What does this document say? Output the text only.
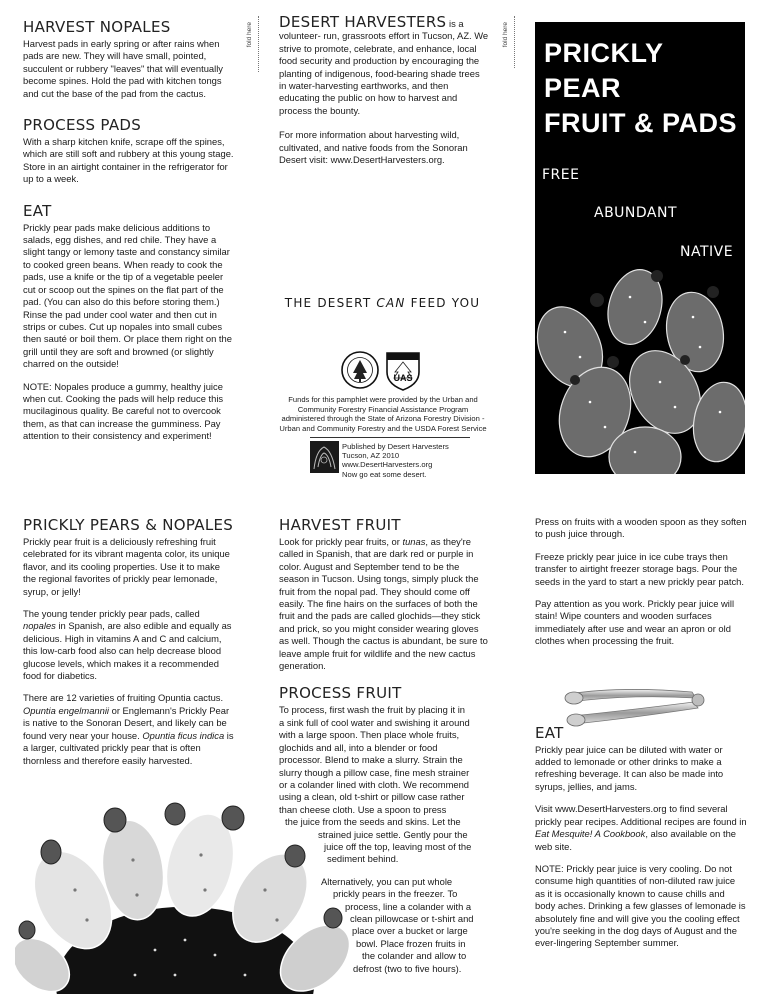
HARVEST NOPALES

Harvest pads in early spring or after rains when pads are new. They will have small, pointed, succulent or rubbery "leaves" that will eventually become spines. Hold the pad with kitchen tongs and cut the base of the pad from the cactus.

PROCESS PADS

With a sharp kitchen knife, scrape off the spines, which are still soft and rubbery at this young stage. Store in an airtight container in the refrigerator for up to a week.

EAT

Prickly pear pads make delicious additions to salads, egg dishes, and red chile. They have a slight tangy or lemony taste and constancy similar to cooked green beans. When ready to cook the pads, use a knife or the tip of a vegetable peeler cut or scoop out the spines on the flat part of the pad. (You can also do this before storing them.) Rinse the pad under cool water and then cut in strips or cubes. Cut up nopales into small cubes then sauté or boil them. Or place them right on the grill until they are soft and browned (or slightly charred on the outside!

NOTE: Nopales produce a gummy, healthy juice when cut. Cooking the pads will help reduce this mucilaginous quality. Be careful not to overcook them, as that can increase the gumminess. Pay attention to their consistency and experiment!

fold here DESERT HARVESTERS is a volunteer- run, grassroots effort in Tucson, AZ. We strive to promote, celebrate, and enhance, local food security and production by encouraging the planting of indigenous, food-bearing shade trees in water-harvesting earthworks, and then educating the public on how to harvest and process the bounty.

For more information about harvesting wild, cultivated, and native foods from the Sonoran Desert visit: www.DesertHarvesters.org.

fold here
THE DESERT CAN FEED YOU
UAS
Funds for this pamphlet were provided by the Urban and Community Forestry Financial Assistance Program administered through the State of Arizona Forestry Division - Urban and Community Forestry and the USDA Forest Service
Published by Desert Harvesters
Tucson, AZ 2010
www.DesertHarvesters.org
Now go eat some desert.
PRICKLY
PEAR
FRUIT & PADS
FREE
ABUNDANT
NATIVE
PRICKLY PEARS & NOPALES

Prickly pear fruit is a deliciously refreshing fruit celebrated for its vibrant magenta color, its unique flavor, and its cooling properties. Use it to make the regional favorites of prickly pear lemonade, syrup, or jelly!

The young tender prickly pear pads, called nopales in Spanish, are also edible and equally as delicious. High in vitamins A and C and calcium, this low-carb food also can help decrease blood glucose levels, which makes it a recommended food for diabetics.

There are 12 varieties of fruiting Opuntia cactus. Opuntia engelmannii or Englemann's Prickly Pear is native to the Sonoran Desert, and likely can be found very near your house. Opuntia ficus indica is a larger, cultivated prickly pear that is often thornless and therefore easily harvested.

HARVEST FRUIT

Look for prickly pear fruits, or tunas, as they're called in Spanish, that are dark red or purple in color. August and September tend to be the season in Tucson. Using tongs, simply pluck the fruit from the nopal pad. They should come off easily. The fine hairs on the surfaces of both the fruit and the pads are called glochids—they stick and prick, so you might consider wearing gloves as well. Though the cactus is abundant, be sure to leave ample fruit for wildlife and the new cactus generation.

PROCESS FRUIT
To process, first wash the fruit by placing it in
a sink full of cool water and swishing it around
with a large spoon. Then place whole fruits,
glochids and all, into a blender or food
processor. Blend to make a slurry. Strain the
slurry though a pillow case, fine mesh strainer
or a colander lined with cloth. We recommend
using a clean, old t-shirt or pillow case rather
than cheese cloth. Use a spoon to press
the juice from the seeds and skins. Let the
strained juice settle. Gently pour the
juice off the top, leaving most of the
sediment behind.
Alternatively, you can put whole
prickly pears in the freezer. To
process, line a colander with a
clean pillowcase or t-shirt and
place over a bucket or large
bowl. Place frozen fruits in
the colander and allow to
defrost (two to five hours).

Press on fruits with a wooden spoon as they soften to push juice through.

Freeze prickly pear juice in ice cube trays then transfer to airtight freezer storage bags. Pour the seeds in the yard to start a new prickly pear patch.

Pay attention as you work. Prickly pear juice will stain! Wipe counters and wooden surfaces immediately after use and wear an apron or old clothes when processing the fruit.

EAT

Prickly pear juice can be diluted with water or added to lemonade or other drinks to make a refreshing beverage. It can also be made into syrups, jellies, and jams.

Visit www.DesertHarvesters.org to find several prickly pear recipes. Additional recipes are found in Eat Mesquite! A Cookbook, also available on the web site.

NOTE: Prickly pear juice is very cooling. Do not consume high quantities of non-diluted raw juice as it is occasionally known to cause chills and body aches. Drinking a few glasses of lemonade is absolutely fine and will give you the cooling effect you're seeking in the dog days of August and the ever-lingering September summer.
